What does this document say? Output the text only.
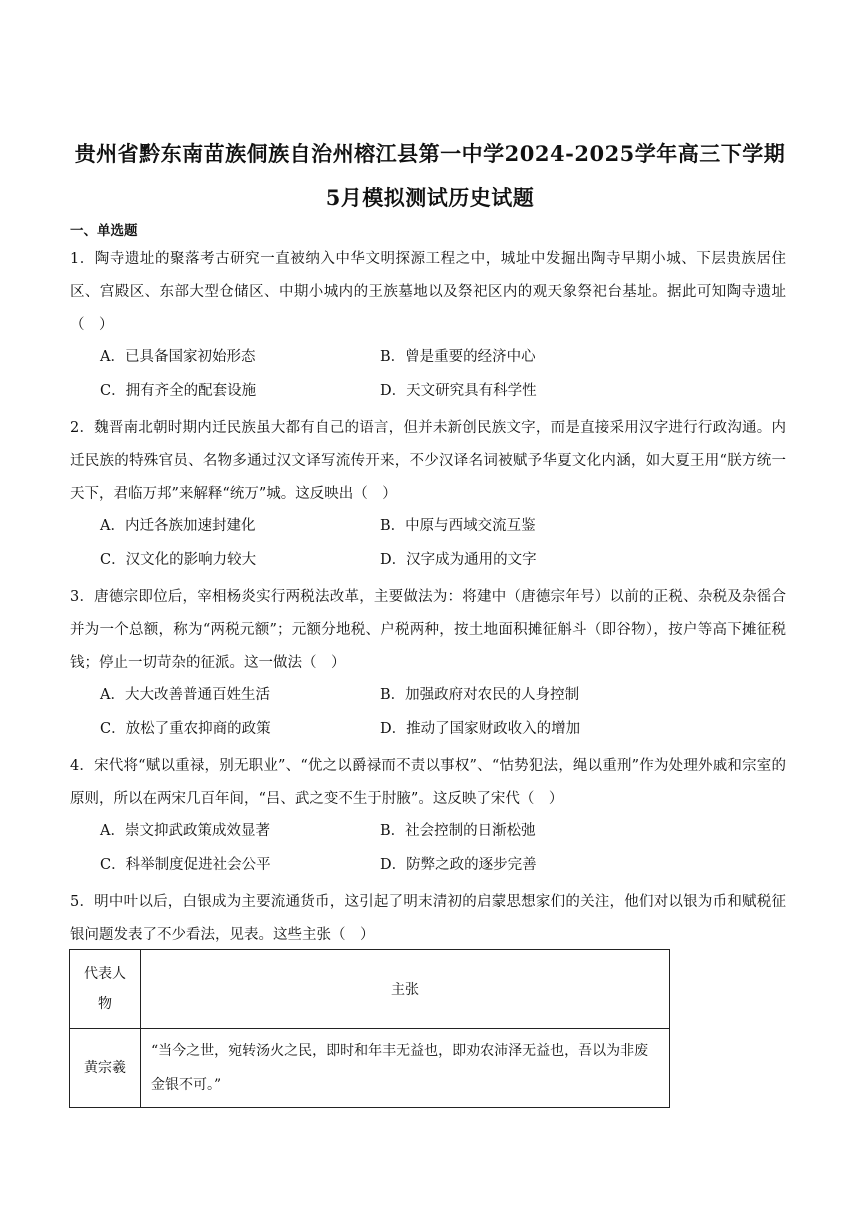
贵州省黔东南苗族侗族自治州榕江县第一中学2024-2025学年高三下学期
5月模拟测试历史试题
一、单选题
1．陶寺遗址的聚落考古研究一直被纳入中华文明探源工程之中，城址中发掘出陶寺早期小城、下层贵族居住区、宫殿区、东部大型仓储区、中期小城内的王族墓地以及祭祀区内的观天象祭祀台基址。据此可知陶寺遗址（　）
A．已具备国家初始形态	B．曾是重要的经济中心
C．拥有齐全的配套设施	D．天文研究具有科学性
2．魏晋南北朝时期内迁民族虽大都有自己的语言，但并未新创民族文字，而是直接采用汉字进行行政沟通。内迁民族的特殊官员、名物多通过汉文译写流传开来，不少汉译名词被赋予华夏文化内涵，如大夏王用“朕方统一天下，君临万邦”来解释“统万”城。这反映出（　）
A．内迁各族加速封建化	B．中原与西域交流互鉴
C．汉文化的影响力较大	D．汉字成为通用的文字
3．唐德宗即位后，宰相杨炎实行两税法改革，主要做法为：将建中（唐德宗年号）以前的正税、杂税及杂徭合并为一个总额，称为“两税元额”；元额分地税、户税两种，按土地面积摊征斛斗（即谷物），按户等高下摊征税钱；停止一切苛杂的征派。这一做法（　）
A．大大改善普通百姓生活	B．加强政府对农民的人身控制
C．放松了重农抑商的政策	D．推动了国家财政收入的增加
4．宋代将“赋以重禄，别无职业”、“优之以爵禄而不责以事权”、“怙势犯法，绳以重刑”作为处理外戚和宗室的原则，所以在两宋几百年间，“吕、武之变不生于肘腋”。这反映了宋代（　）
A．崇文抑武政策成效显著	B．社会控制的日渐松弛
C．科举制度促进社会公平	D．防弊之政的逐步完善
5．明中叶以后，白银成为主要流通货币，这引起了明末清初的启蒙思想家们的关注，他们对以银为币和赋税征银问题发表了不少看法，见表。这些主张（　）
代表人物	主张
黄宗羲	“当今之世，宛转汤火之民，即时和年丰无益也，即劝农沛泽无益也，吾以为非废金银不可。”
